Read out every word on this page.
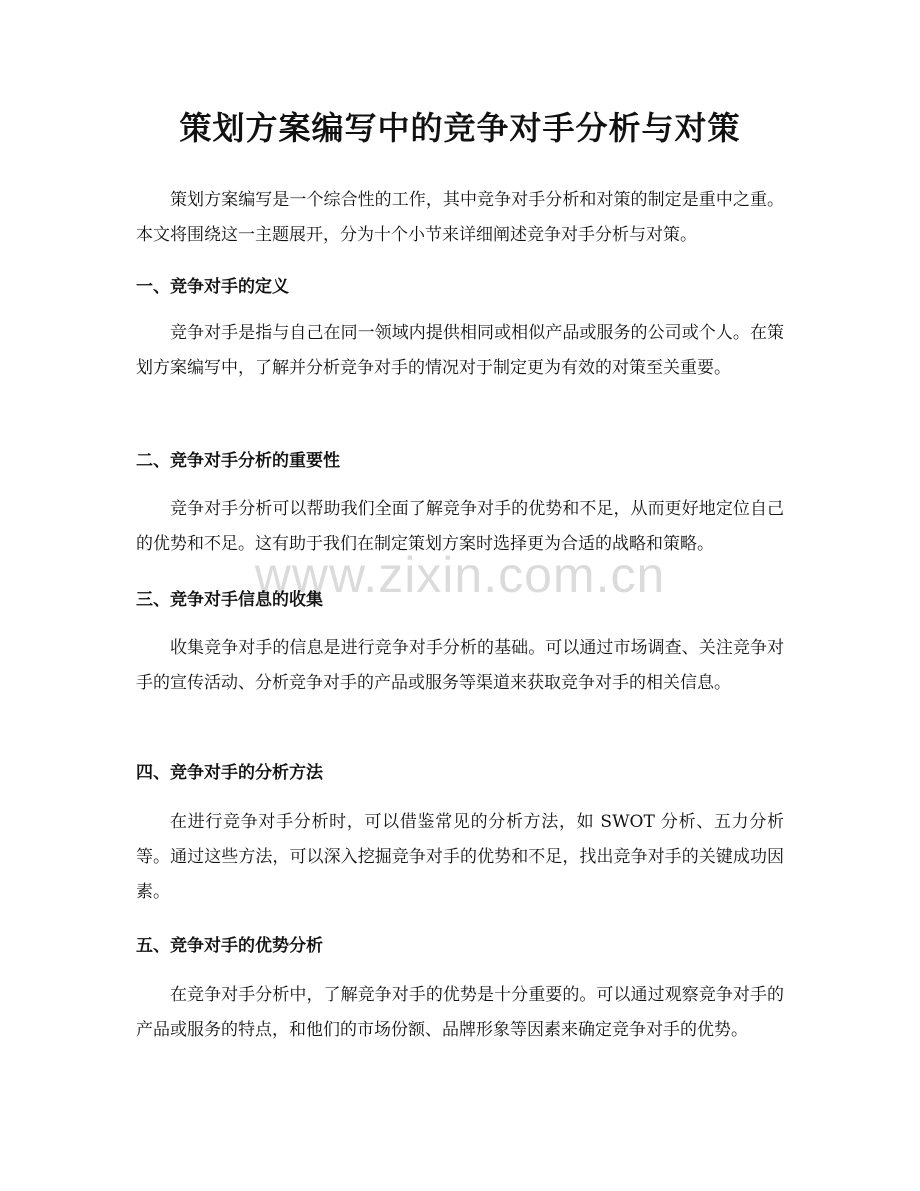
策划方案编写中的竞争对手分析与对策

策划方案编写是一个综合性的工作，其中竞争对手分析和对策的制定是重中之重。本文将围绕这一主题展开，分为十个小节来详细阐述竞争对手分析与对策。

一、竞争对手的定义

竞争对手是指与自己在同一领域内提供相同或相似产品或服务的公司或个人。在策划方案编写中，了解并分析竞争对手的情况对于制定更为有效的对策至关重要。

二、竞争对手分析的重要性

竞争对手分析可以帮助我们全面了解竞争对手的优势和不足，从而更好地定位自己的优势和不足。这有助于我们在制定策划方案时选择更为合适的战略和策略。

三、竞争对手信息的收集

收集竞争对手的信息是进行竞争对手分析的基础。可以通过市场调查、关注竞争对手的宣传活动、分析竞争对手的产品或服务等渠道来获取竞争对手的相关信息。

四、竞争对手的分析方法

在进行竞争对手分析时，可以借鉴常见的分析方法，如 SWOT 分析、五力分析等。通过这些方法，可以深入挖掘竞争对手的优势和不足，找出竞争对手的关键成功因素。

五、竞争对手的优势分析

在竞争对手分析中，了解竞争对手的优势是十分重要的。可以通过观察竞争对手的产品或服务的特点，和他们的市场份额、品牌形象等因素来确定竞争对手的优势。

www.zixin.com.cn
